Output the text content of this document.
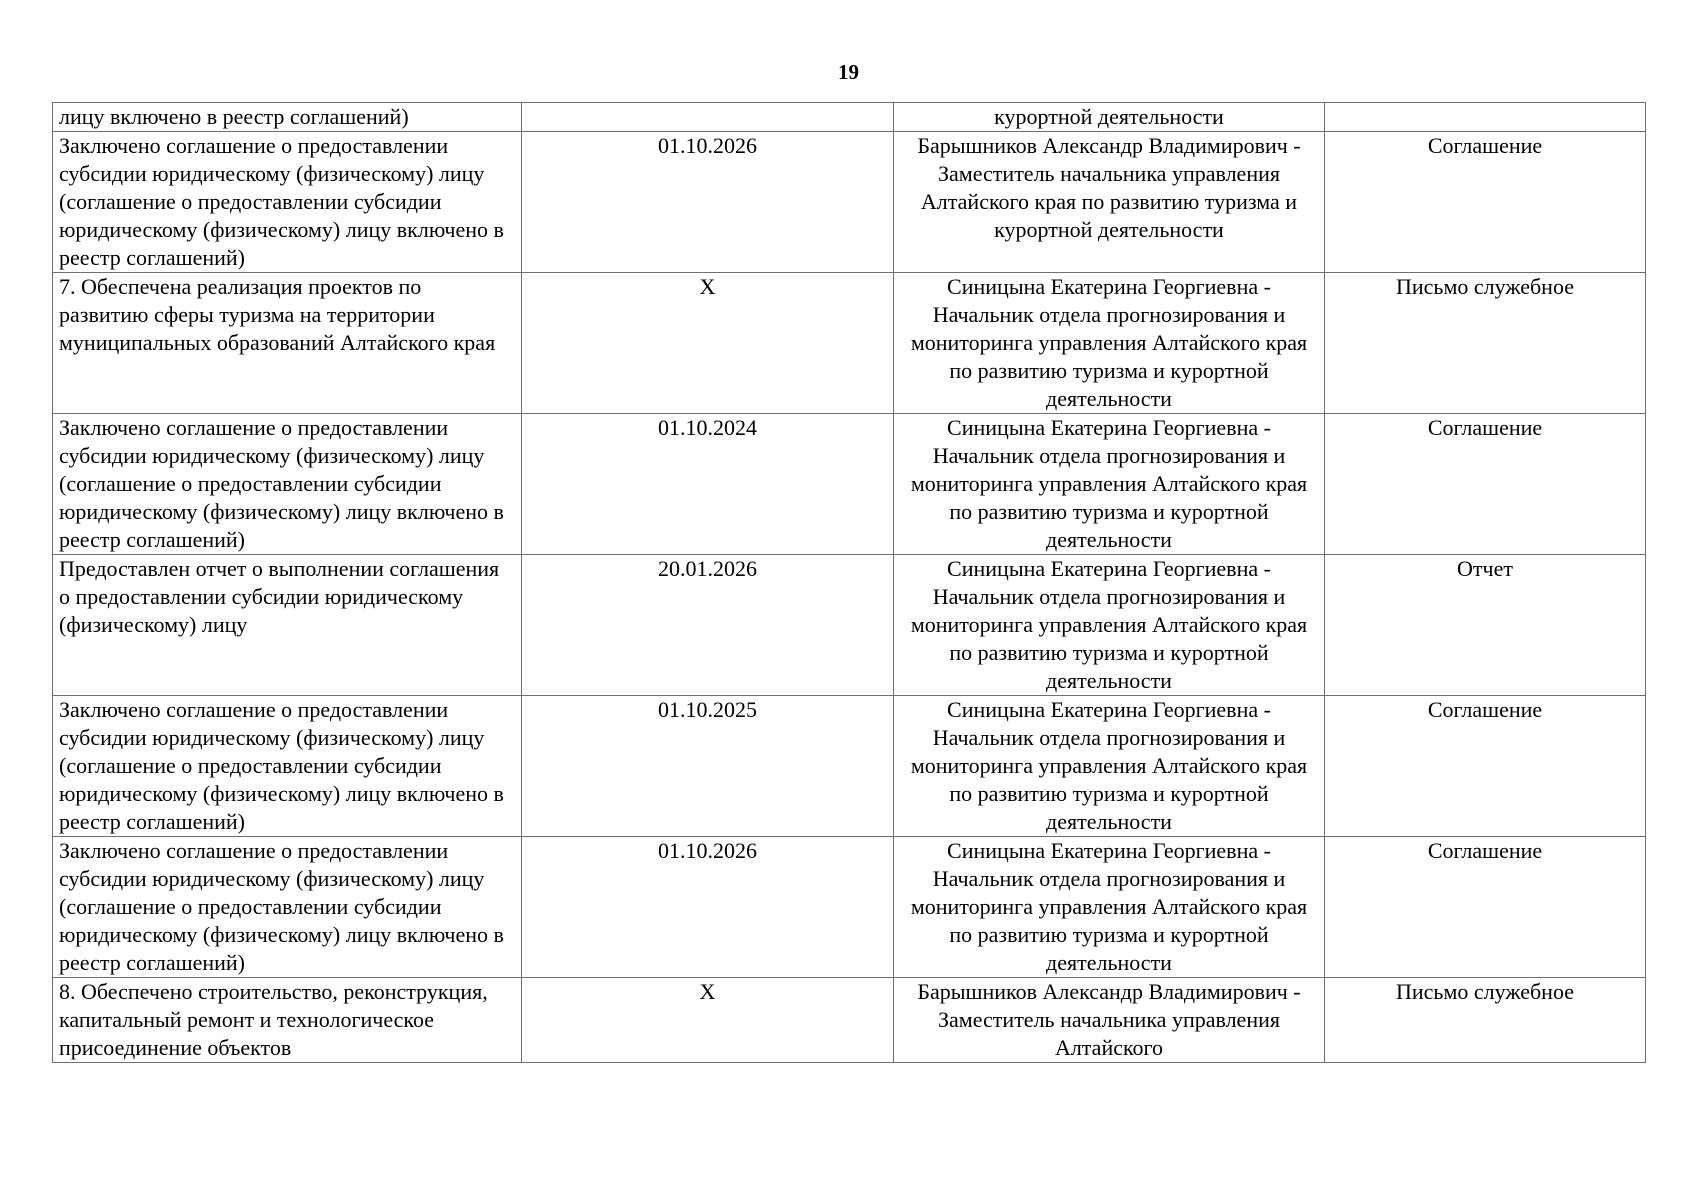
19
лицу включено в реестр соглашений)		курортной деятельности	
Заключено соглашение о предоставлении субсидии юридическому (физическому) лицу (соглашение о предоставлении субсидии юридическому (физическому) лицу включено в реестр соглашений)	01.10.2026	Барышников Александр Владимирович - Заместитель начальника управления Алтайского края по развитию туризма и курортной деятельности	Соглашение
7. Обеспечена реализация проектов по развитию сферы туризма на территории муниципальных образований Алтайского края	X	Синицына Екатерина Георгиевна - Начальник отдела прогнозирования и мониторинга управления Алтайского края по развитию туризма и курортной деятельности	Письмо служебное
Заключено соглашение о предоставлении субсидии юридическому (физическому) лицу (соглашение о предоставлении субсидии юридическому (физическому) лицу включено в реестр соглашений)	01.10.2024	Синицына Екатерина Георгиевна - Начальник отдела прогнозирования и мониторинга управления Алтайского края по развитию туризма и курортной деятельности	Соглашение
Предоставлен отчет о выполнении соглашения о предоставлении субсидии юридическому (физическому) лицу	20.01.2026	Синицына Екатерина Георгиевна - Начальник отдела прогнозирования и мониторинга управления Алтайского края по развитию туризма и курортной деятельности	Отчет
Заключено соглашение о предоставлении субсидии юридическому (физическому) лицу (соглашение о предоставлении субсидии юридическому (физическому) лицу включено в реестр соглашений)	01.10.2025	Синицына Екатерина Георгиевна - Начальник отдела прогнозирования и мониторинга управления Алтайского края по развитию туризма и курортной деятельности	Соглашение
Заключено соглашение о предоставлении субсидии юридическому (физическому) лицу (соглашение о предоставлении субсидии юридическому (физическому) лицу включено в реестр соглашений)	01.10.2026	Синицына Екатерина Георгиевна - Начальник отдела прогнозирования и мониторинга управления Алтайского края по развитию туризма и курортной деятельности	Соглашение
8. Обеспечено строительство, реконструкция, капитальный ремонт и технологическое присоединение объектов	X	Барышников Александр Владимирович - Заместитель начальника управления Алтайского	Письмо служебное
